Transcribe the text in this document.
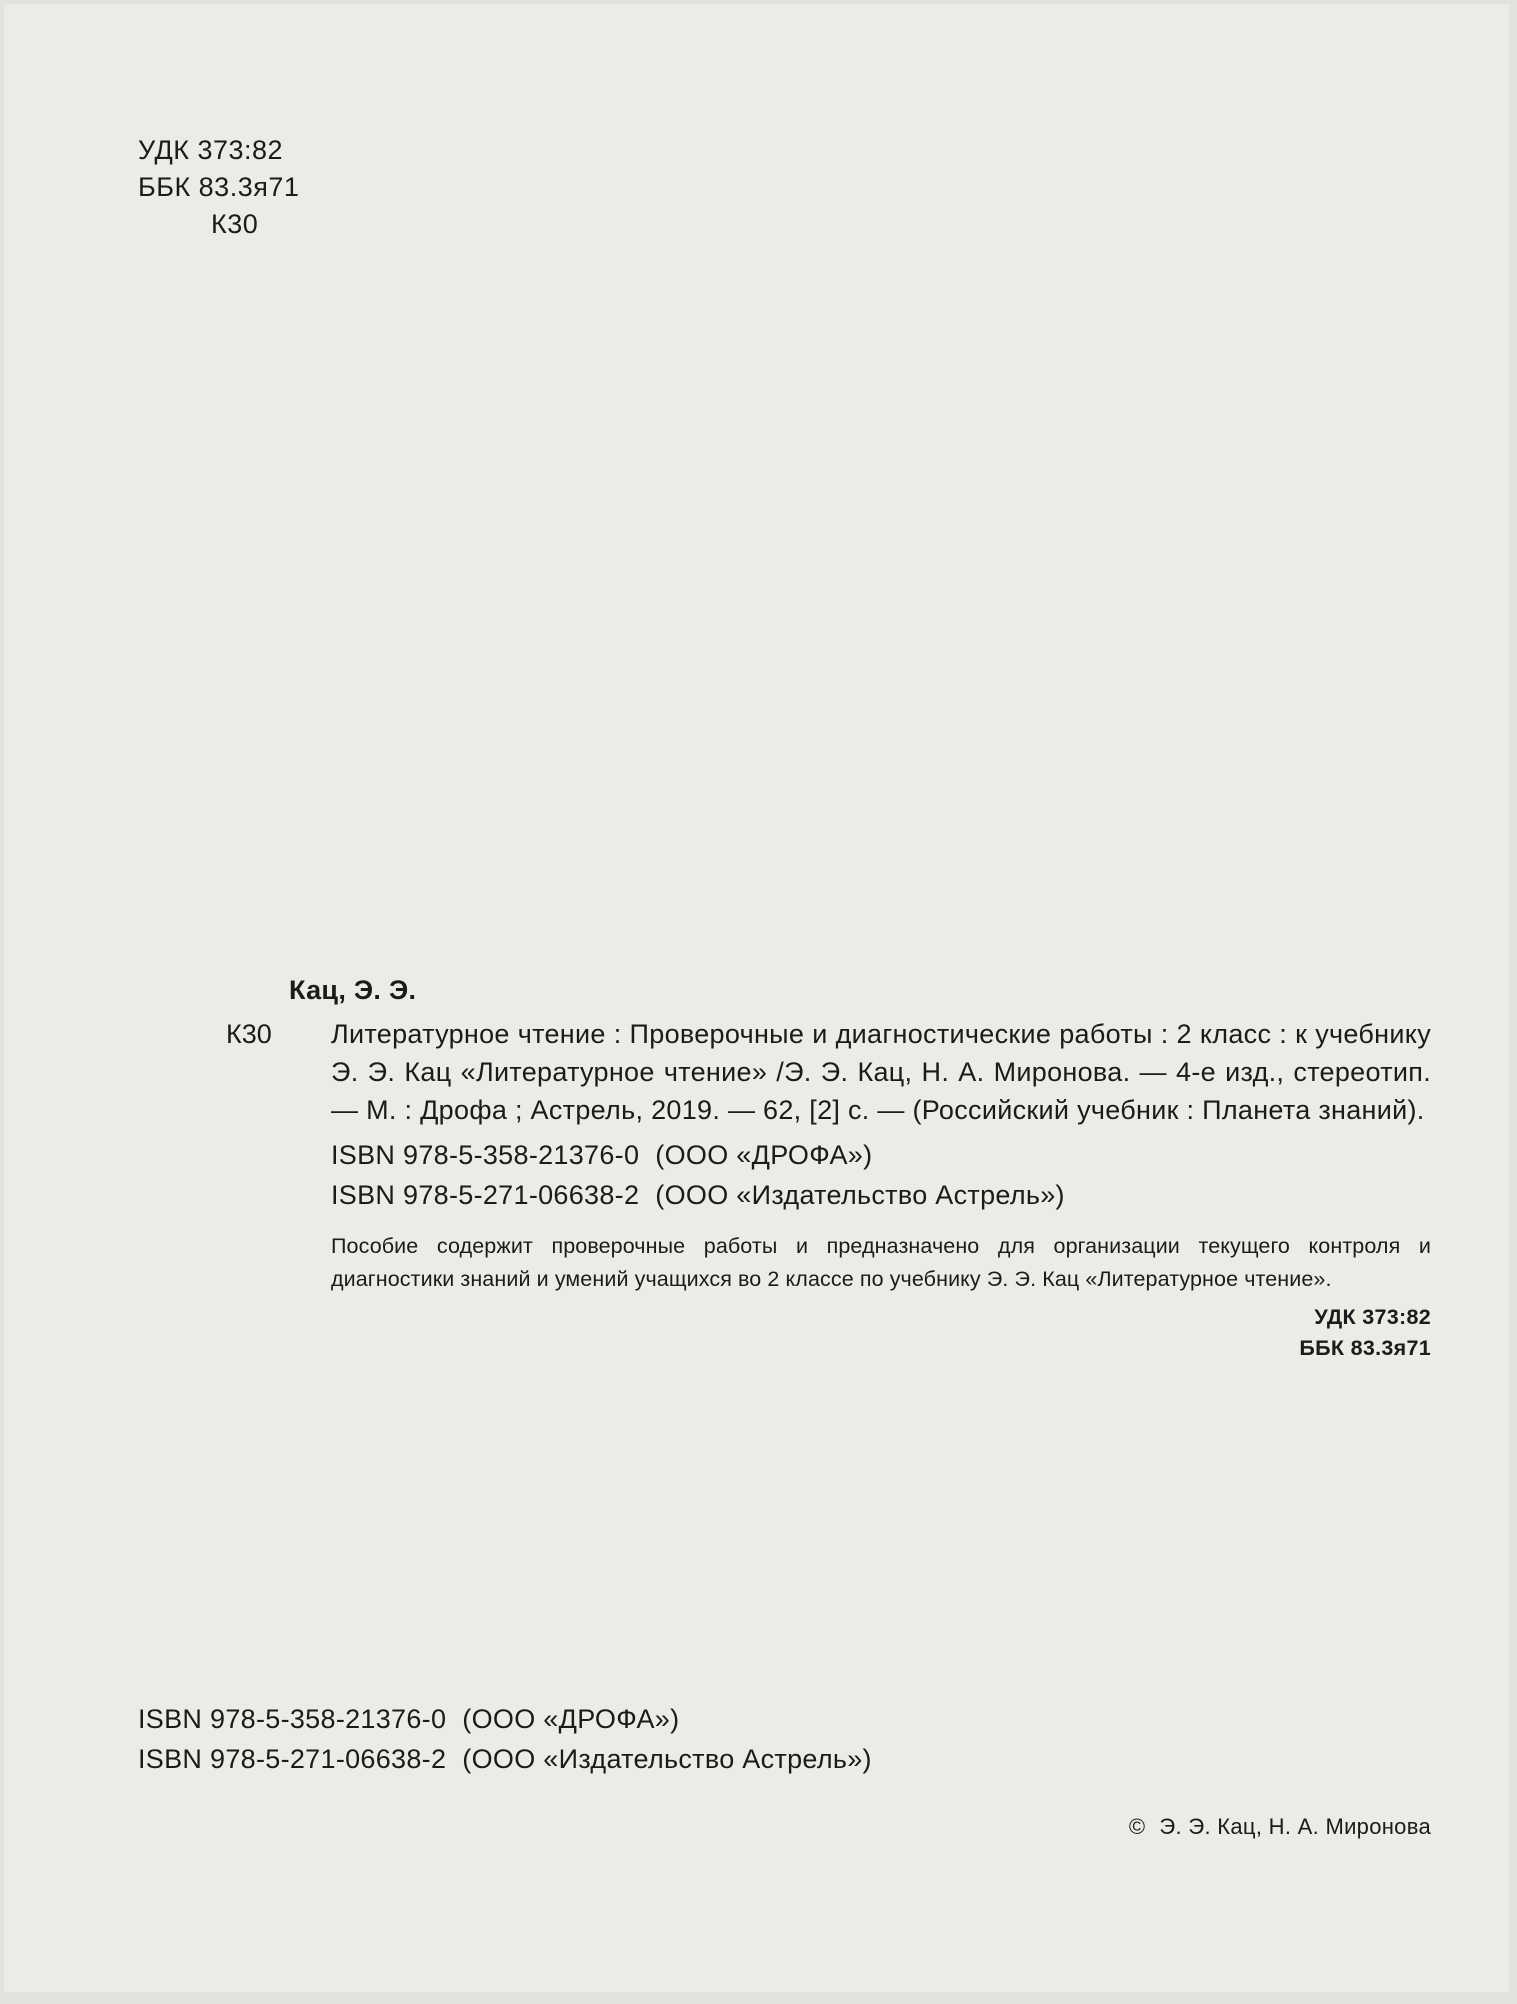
УДК 373:82
ББК 83.3я71
К30
Кац, Э. Э.
К30 Литературное чтение : Проверочные и диагностические работы : 2 класс : к учебнику Э. Э. Кац «Литературное чтение» /Э. Э. Кац, Н. А. Миронова. — 4-е изд., стереотип. — М. : Дрофа ; Астрель, 2019. — 62, [2] с. — (Российский учебник : Планета знаний).
ISBN 978-5-358-21376-0 (ООО «ДРОФА»)
ISBN 978-5-271-06638-2 (ООО «Издательство Астрель»)
Пособие содержит проверочные работы и предназначено для организации текущего контроля и диагностики знаний и умений учащихся во 2 классе по учебнику Э. Э. Кац «Литературное чтение».
УДК 373:82
ББК 83.3я71
ISBN 978-5-358-21376-0 (ООО «ДРОФА»)
ISBN 978-5-271-06638-2 (ООО «Издательство Астрель»)
© Э. Э. Кац, Н. А. Миронова
